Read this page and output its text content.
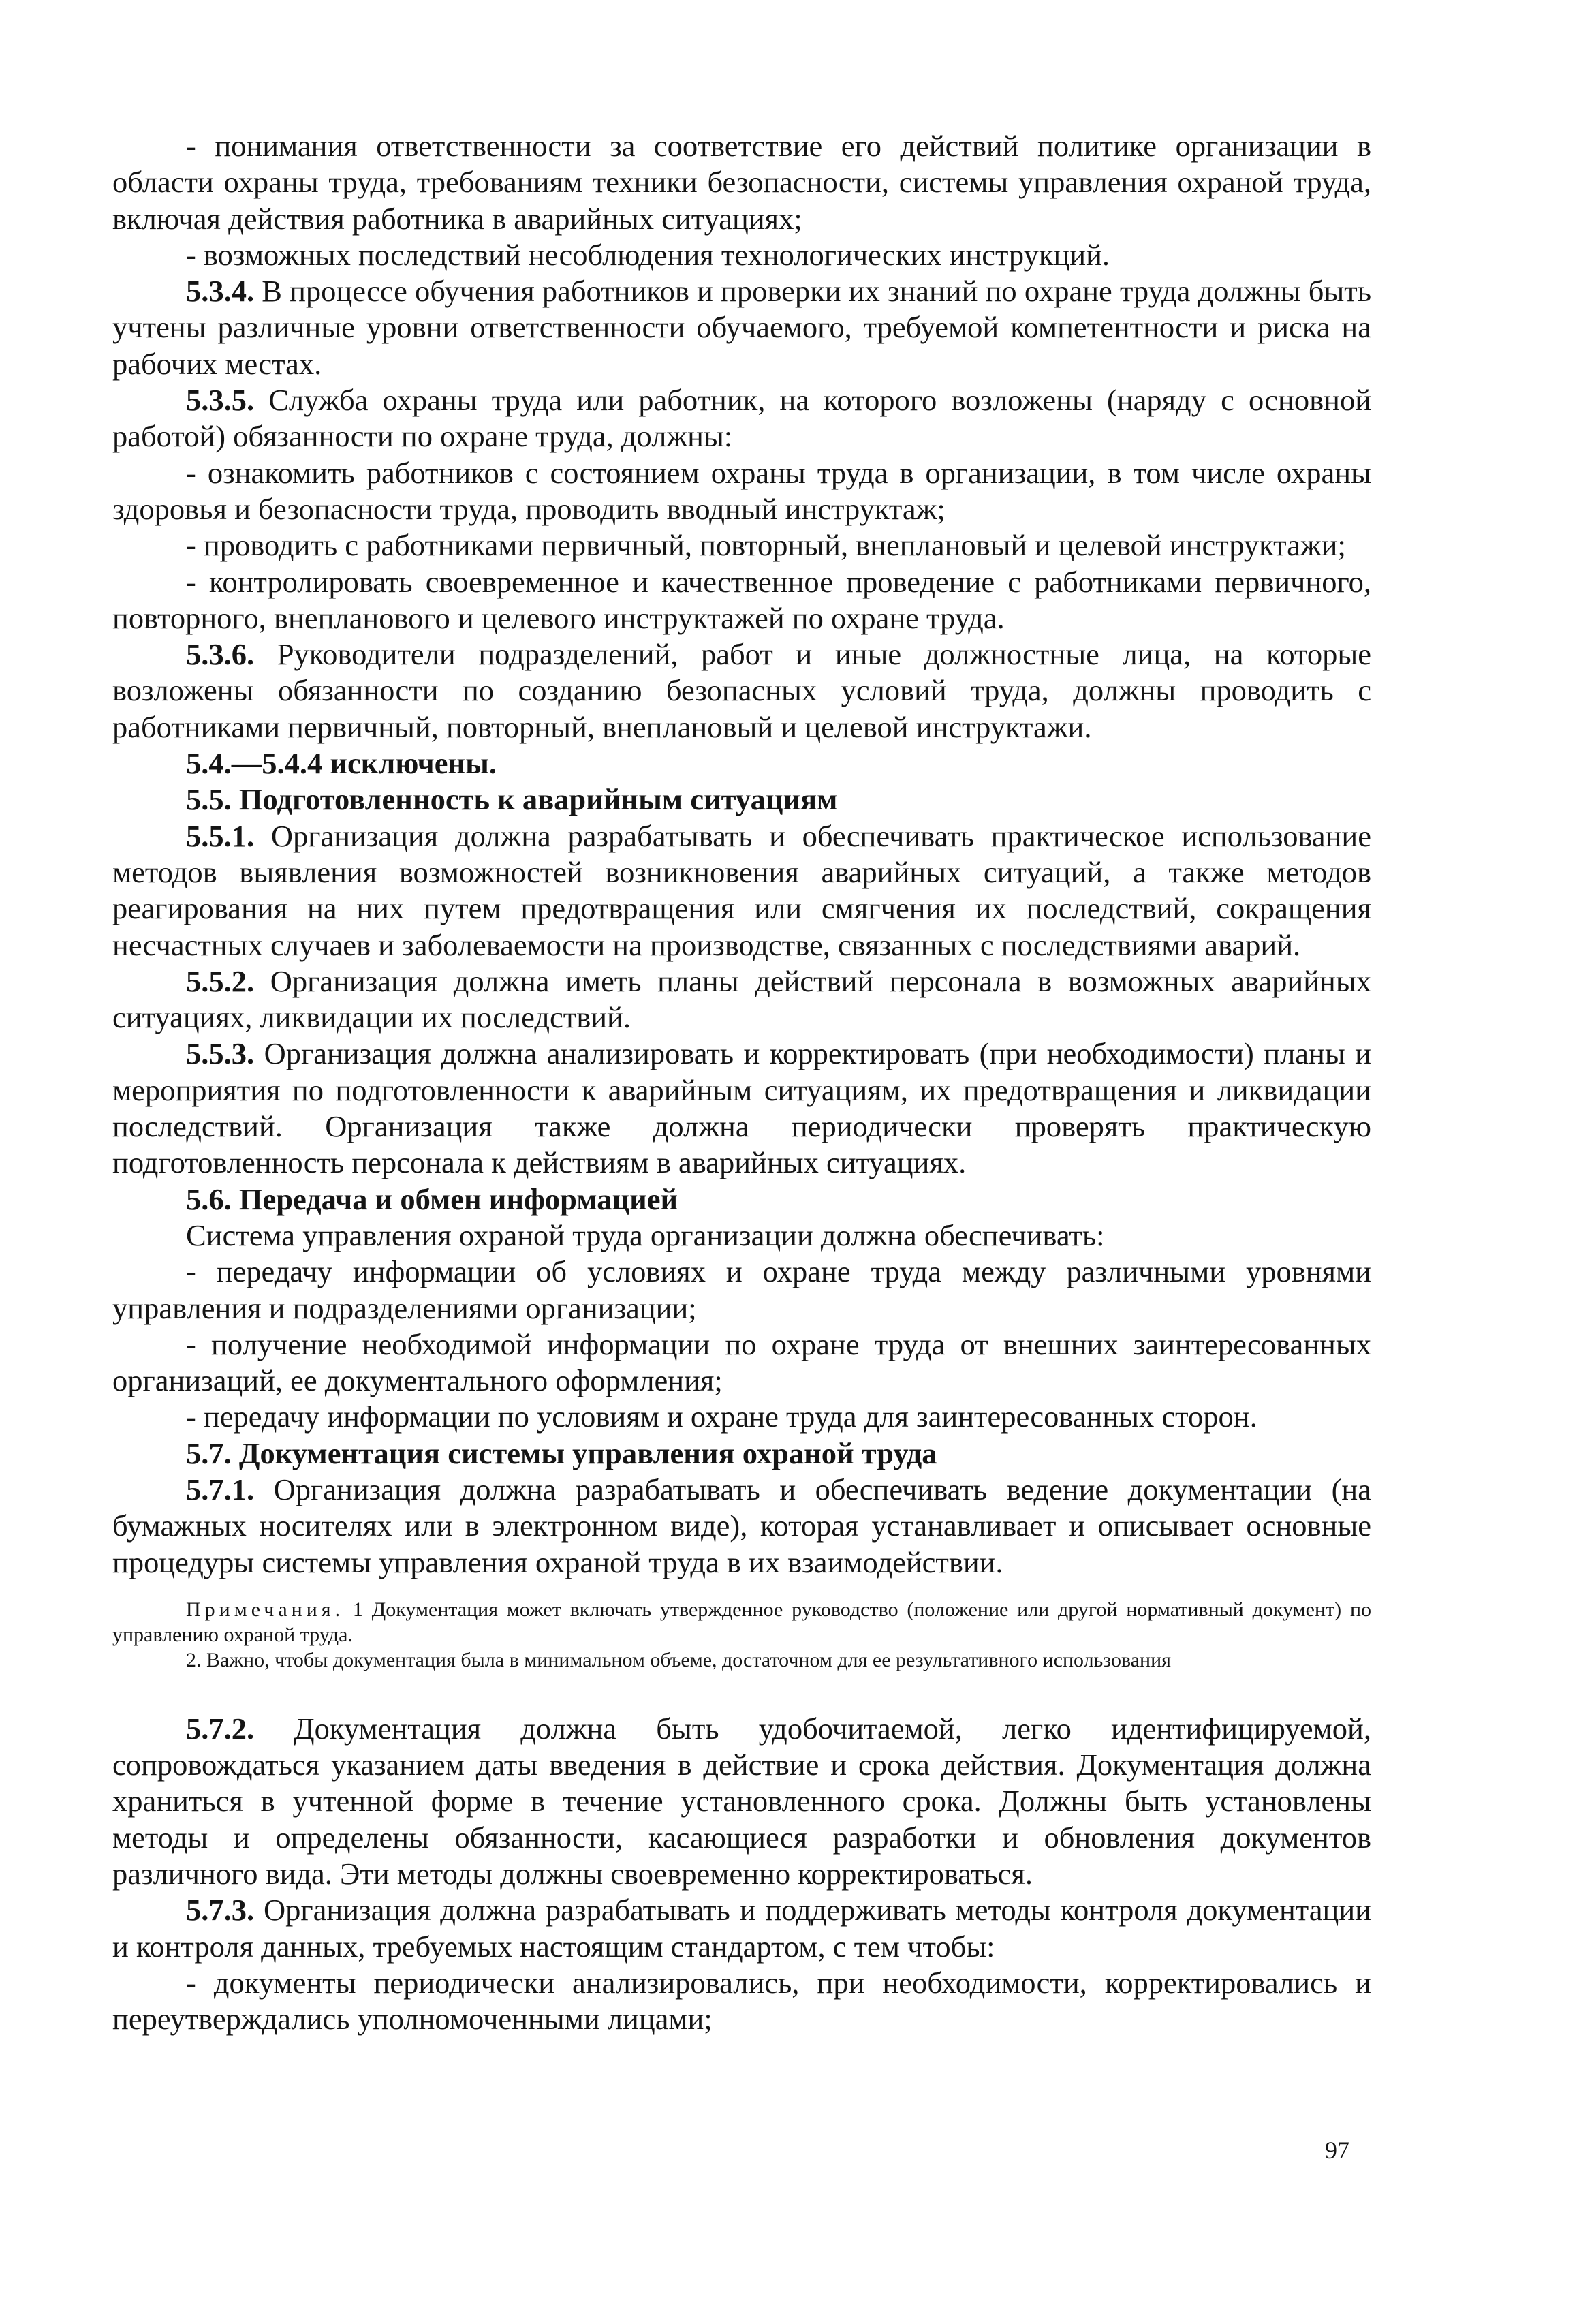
- понимания ответственности за соответствие его действий политике организации в области охраны труда, требованиям техники безопасности, системы управления охраной труда, включая действия работника в аварийных ситуациях;

- возможных последствий несоблюдения технологических инструкций.

5.3.4. В процессе обучения работников и проверки их знаний по охране труда должны быть учтены различные уровни ответственности обучаемого, требуемой компетентности и риска на рабочих местах.

5.3.5. Служба охраны труда или работник, на которого возложены (наряду с основной работой) обязанности по охране труда, должны:

- ознакомить работников с состоянием охраны труда в организации, в том числе охраны здоровья и безопасности труда, проводить вводный инструктаж;

- проводить с работниками первичный, повторный, внеплановый и целевой инструктажи;

- контролировать своевременное и качественное проведение с работниками первичного, повторного, внепланового и целевого инструктажей по охране труда.

5.3.6. Руководители подразделений, работ и иные должностные лица, на которые возложены обязанности по созданию безопасных условий труда, должны проводить с работниками первичный, повторный, внеплановый и целевой инструктажи.

5.4.—5.4.4 исключены.

5.5. Подготовленность к аварийным ситуациям

5.5.1. Организация должна разрабатывать и обеспечивать практическое использование методов выявления возможностей возникновения аварийных ситуаций, а также методов реагирования на них путем предотвращения или смягчения их последствий, сокращения несчастных случаев и заболеваемости на производстве, связанных с последствиями аварий.

5.5.2. Организация должна иметь планы действий персонала в возможных аварийных ситуациях, ликвидации их последствий.

5.5.3. Организация должна анализировать и корректировать (при необходимости) планы и мероприятия по подготовленности к аварийным ситуациям, их предотвращения и ликвидации последствий. Организация также должна периодически проверять практическую подготовленность персонала к действиям в аварийных ситуациях.

5.6. Передача и обмен информацией

Система управления охраной труда организации должна обеспечивать:

- передачу информации об условиях и охране труда между различными уровнями управления и подразделениями организации;

- получение необходимой информации по охране труда от внешних заинтересованных организаций, ее документального оформления;

- передачу информации по условиям и охране труда для заинтересованных сторон.

5.7. Документация системы управления охраной труда

5.7.1. Организация должна разрабатывать и обеспечивать ведение документации (на бумажных носителях или в электронном виде), которая устанавливает и описывает основные процедуры системы управления охраной труда в их взаимодействии.

Примечания. 1 Документация может включать утвержденное руководство (положение или другой нормативный документ) по управлению охраной труда.

2. Важно, чтобы документация была в минимальном объеме, достаточном для ее результативного использования

5.7.2. Документация должна быть удобочитаемой, легко идентифицируемой, сопровождаться указанием даты введения в действие и срока действия. Документация должна храниться в учтенной форме в течение установленного срока. Должны быть установлены методы и определены обязанности, касающиеся разработки и обновления документов различного вида. Эти методы должны своевременно корректироваться.

5.7.3. Организация должна разрабатывать и поддерживать методы контроля документации и контроля данных, требуемых настоящим стандартом, с тем чтобы:

- документы периодически анализировались, при необходимости, корректировались и переутверждались уполномоченными лицами;

97
